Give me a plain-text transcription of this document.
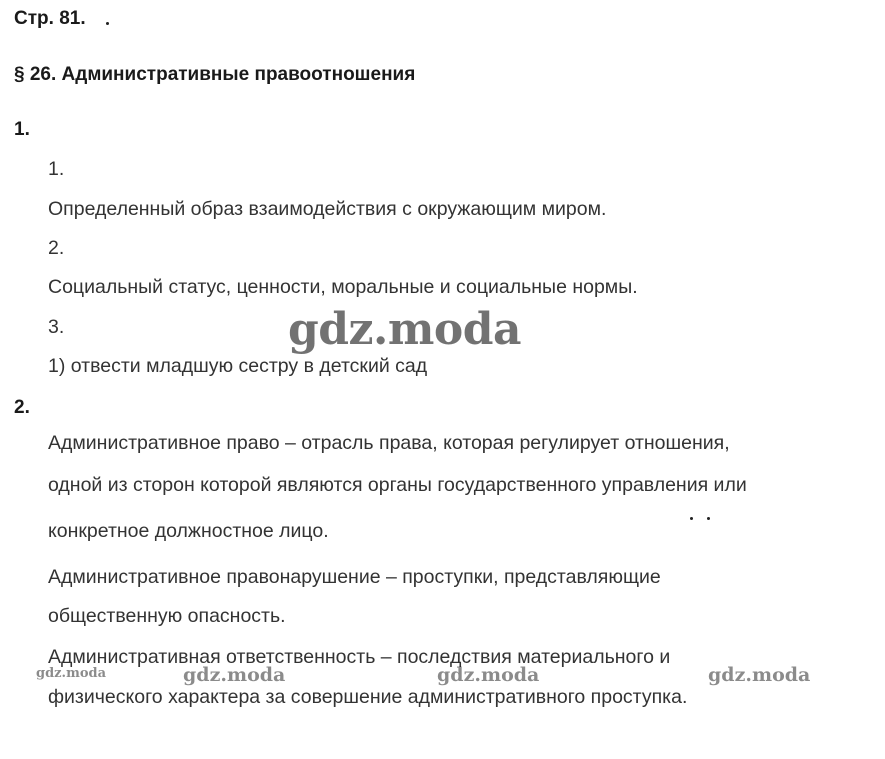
Стр. 81.
§ 26. Административные правоотношения
1.
1.
Определенный образ взаимодействия с окружающим миром.
2.
Социальный статус, ценности, моральные и социальные нормы.
3.
1) отвести младшую сестру в детский сад
2.
Административное право – отрасль права, которая регулирует отношения,
одной из сторон которой являются органы государственного управления или
конкретное должностное лицо.
Административное правонарушение – проступки, представляющие
общественную опасность.
Административная ответственность – последствия материального и
физического характера за совершение административного проступка.
gdz.moda
gdz.moda	gdz.moda	gdz.moda	gdz.moda
